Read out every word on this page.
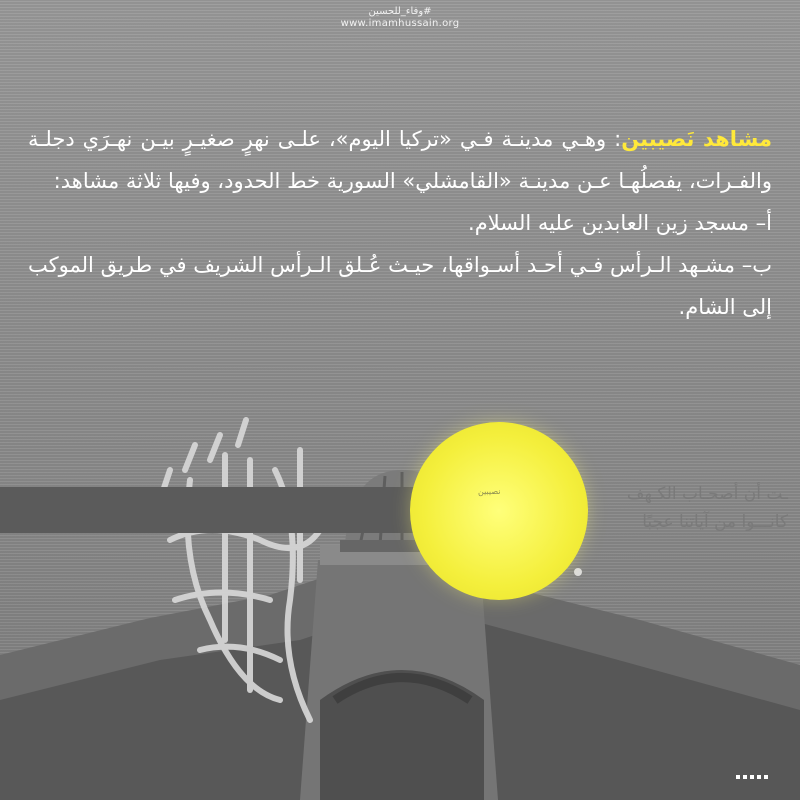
نصيبين	ـت أن أصحـاب الكـهف
كانـــوا من آياتنا عجبًا
#وفاء_للحسين
www.imamhussain.org

مشاهد نَصيبين: وهـي مدينـة فـي «تركيا اليوم»، علـى نهرٍ صغيـرٍ بيـن نهـرَي دجلـة والفـرات، يفصلُهـا عـن مدينـة «القامشلي» السورية خط الحدود، وفيها ثلاثة مشاهد:

أ– مسجد زين العابدين عليه السلام.

ب– مشـهد الـرأس فـي أحـد أسـواقها، حيـث عُـلق الـرأس الشريف في طريق الموكب إلى الشام.
